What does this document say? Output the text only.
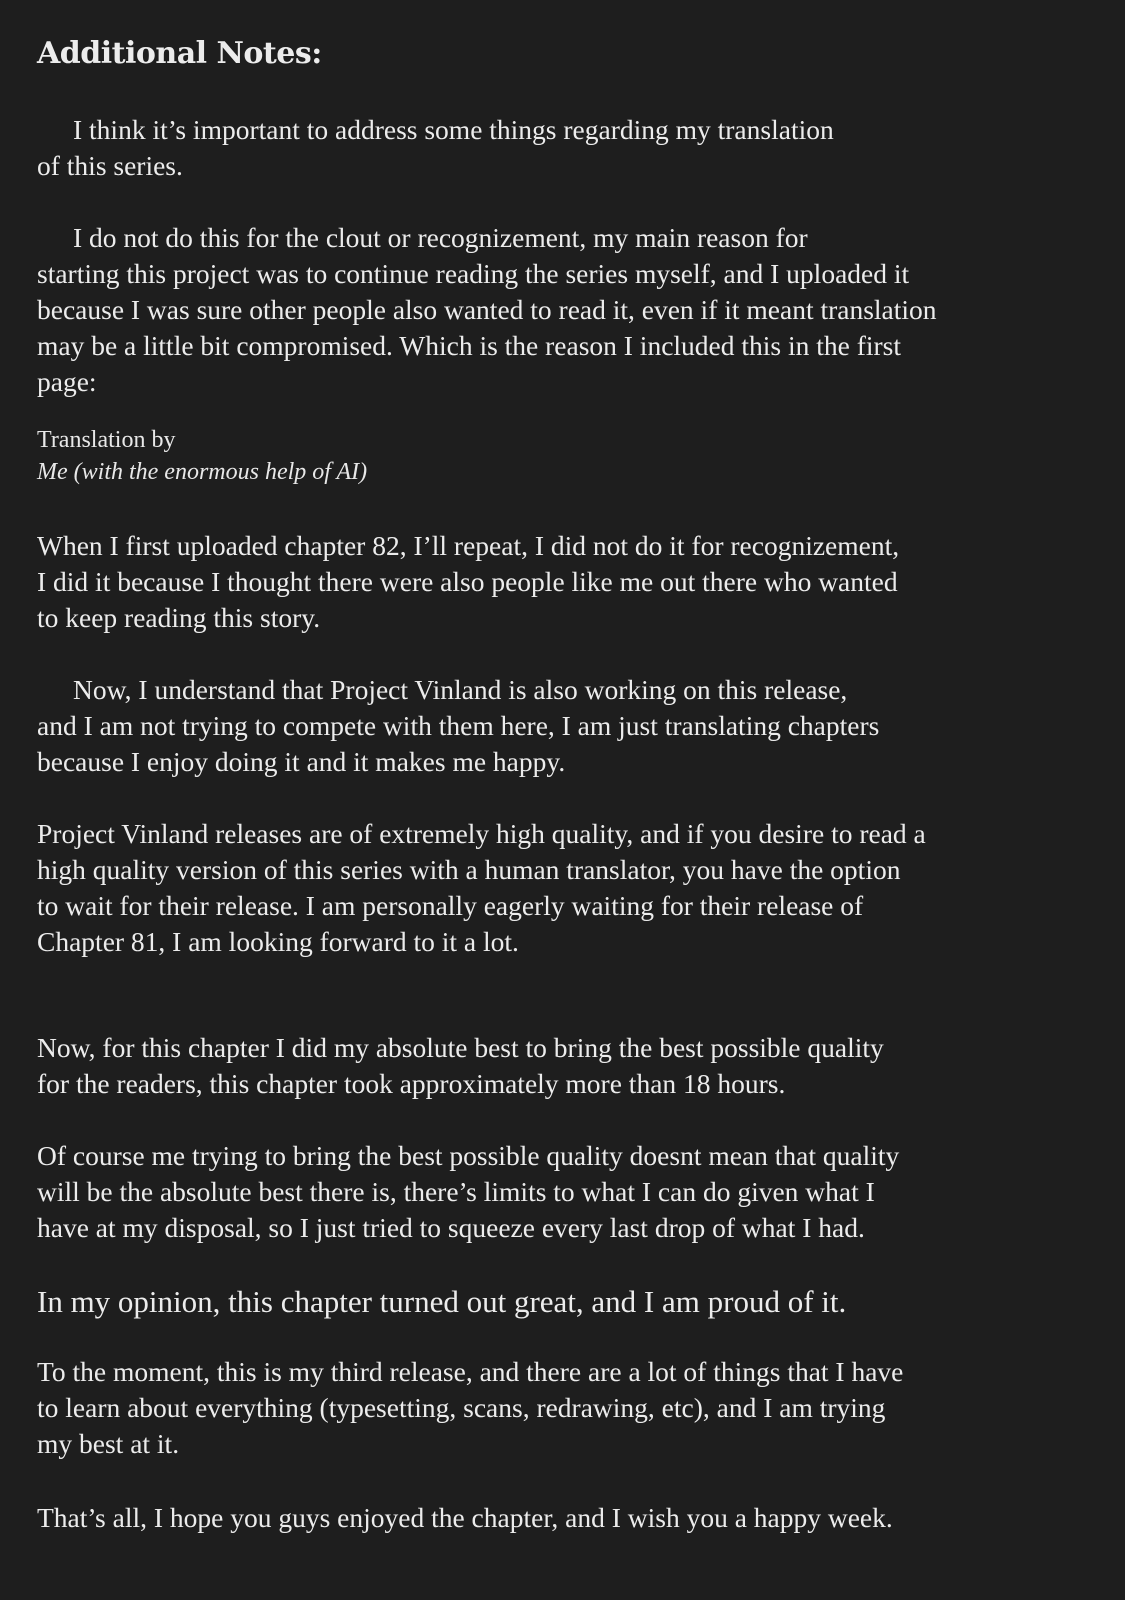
Additional Notes:

I think it’s important to address some things regarding my translation
of this series.

I do not do this for the clout or recognizement, my main reason for
starting this project was to continue reading the series myself, and I uploaded it
because I was sure other people also wanted to read it, even if it meant translation
may be a little bit compromised. Which is the reason I included this in the first
page:

Translation by

Me (with the enormous help of AI)

When I first uploaded chapter 82, I’ll repeat, I did not do it for recognizement,
I did it because I thought there were also people like me out there who wanted
to keep reading this story.

Now, I understand that Project Vinland is also working on this release,
and I am not trying to compete with them here, I am just translating chapters
because I enjoy doing it and it makes me happy.

Project Vinland releases are of extremely high quality, and if you desire to read a
high quality version of this series with a human translator, you have the option
to wait for their release. I am personally eagerly waiting for their release of
Chapter 81, I am looking forward to it a lot.

Now, for this chapter I did my absolute best to bring the best possible quality
for the readers, this chapter took approximately more than 18 hours.

Of course me trying to bring the best possible quality doesnt mean that quality
will be the absolute best there is, there’s limits to what I can do given what I
have at my disposal, so I just tried to squeeze every last drop of what I had.

In my opinion, this chapter turned out great, and I am proud of it.

To the moment, this is my third release, and there are a lot of things that I have
to learn about everything (typesetting, scans, redrawing, etc), and I am trying
my best at it.

That’s all, I hope you guys enjoyed the chapter, and I wish you a happy week.
